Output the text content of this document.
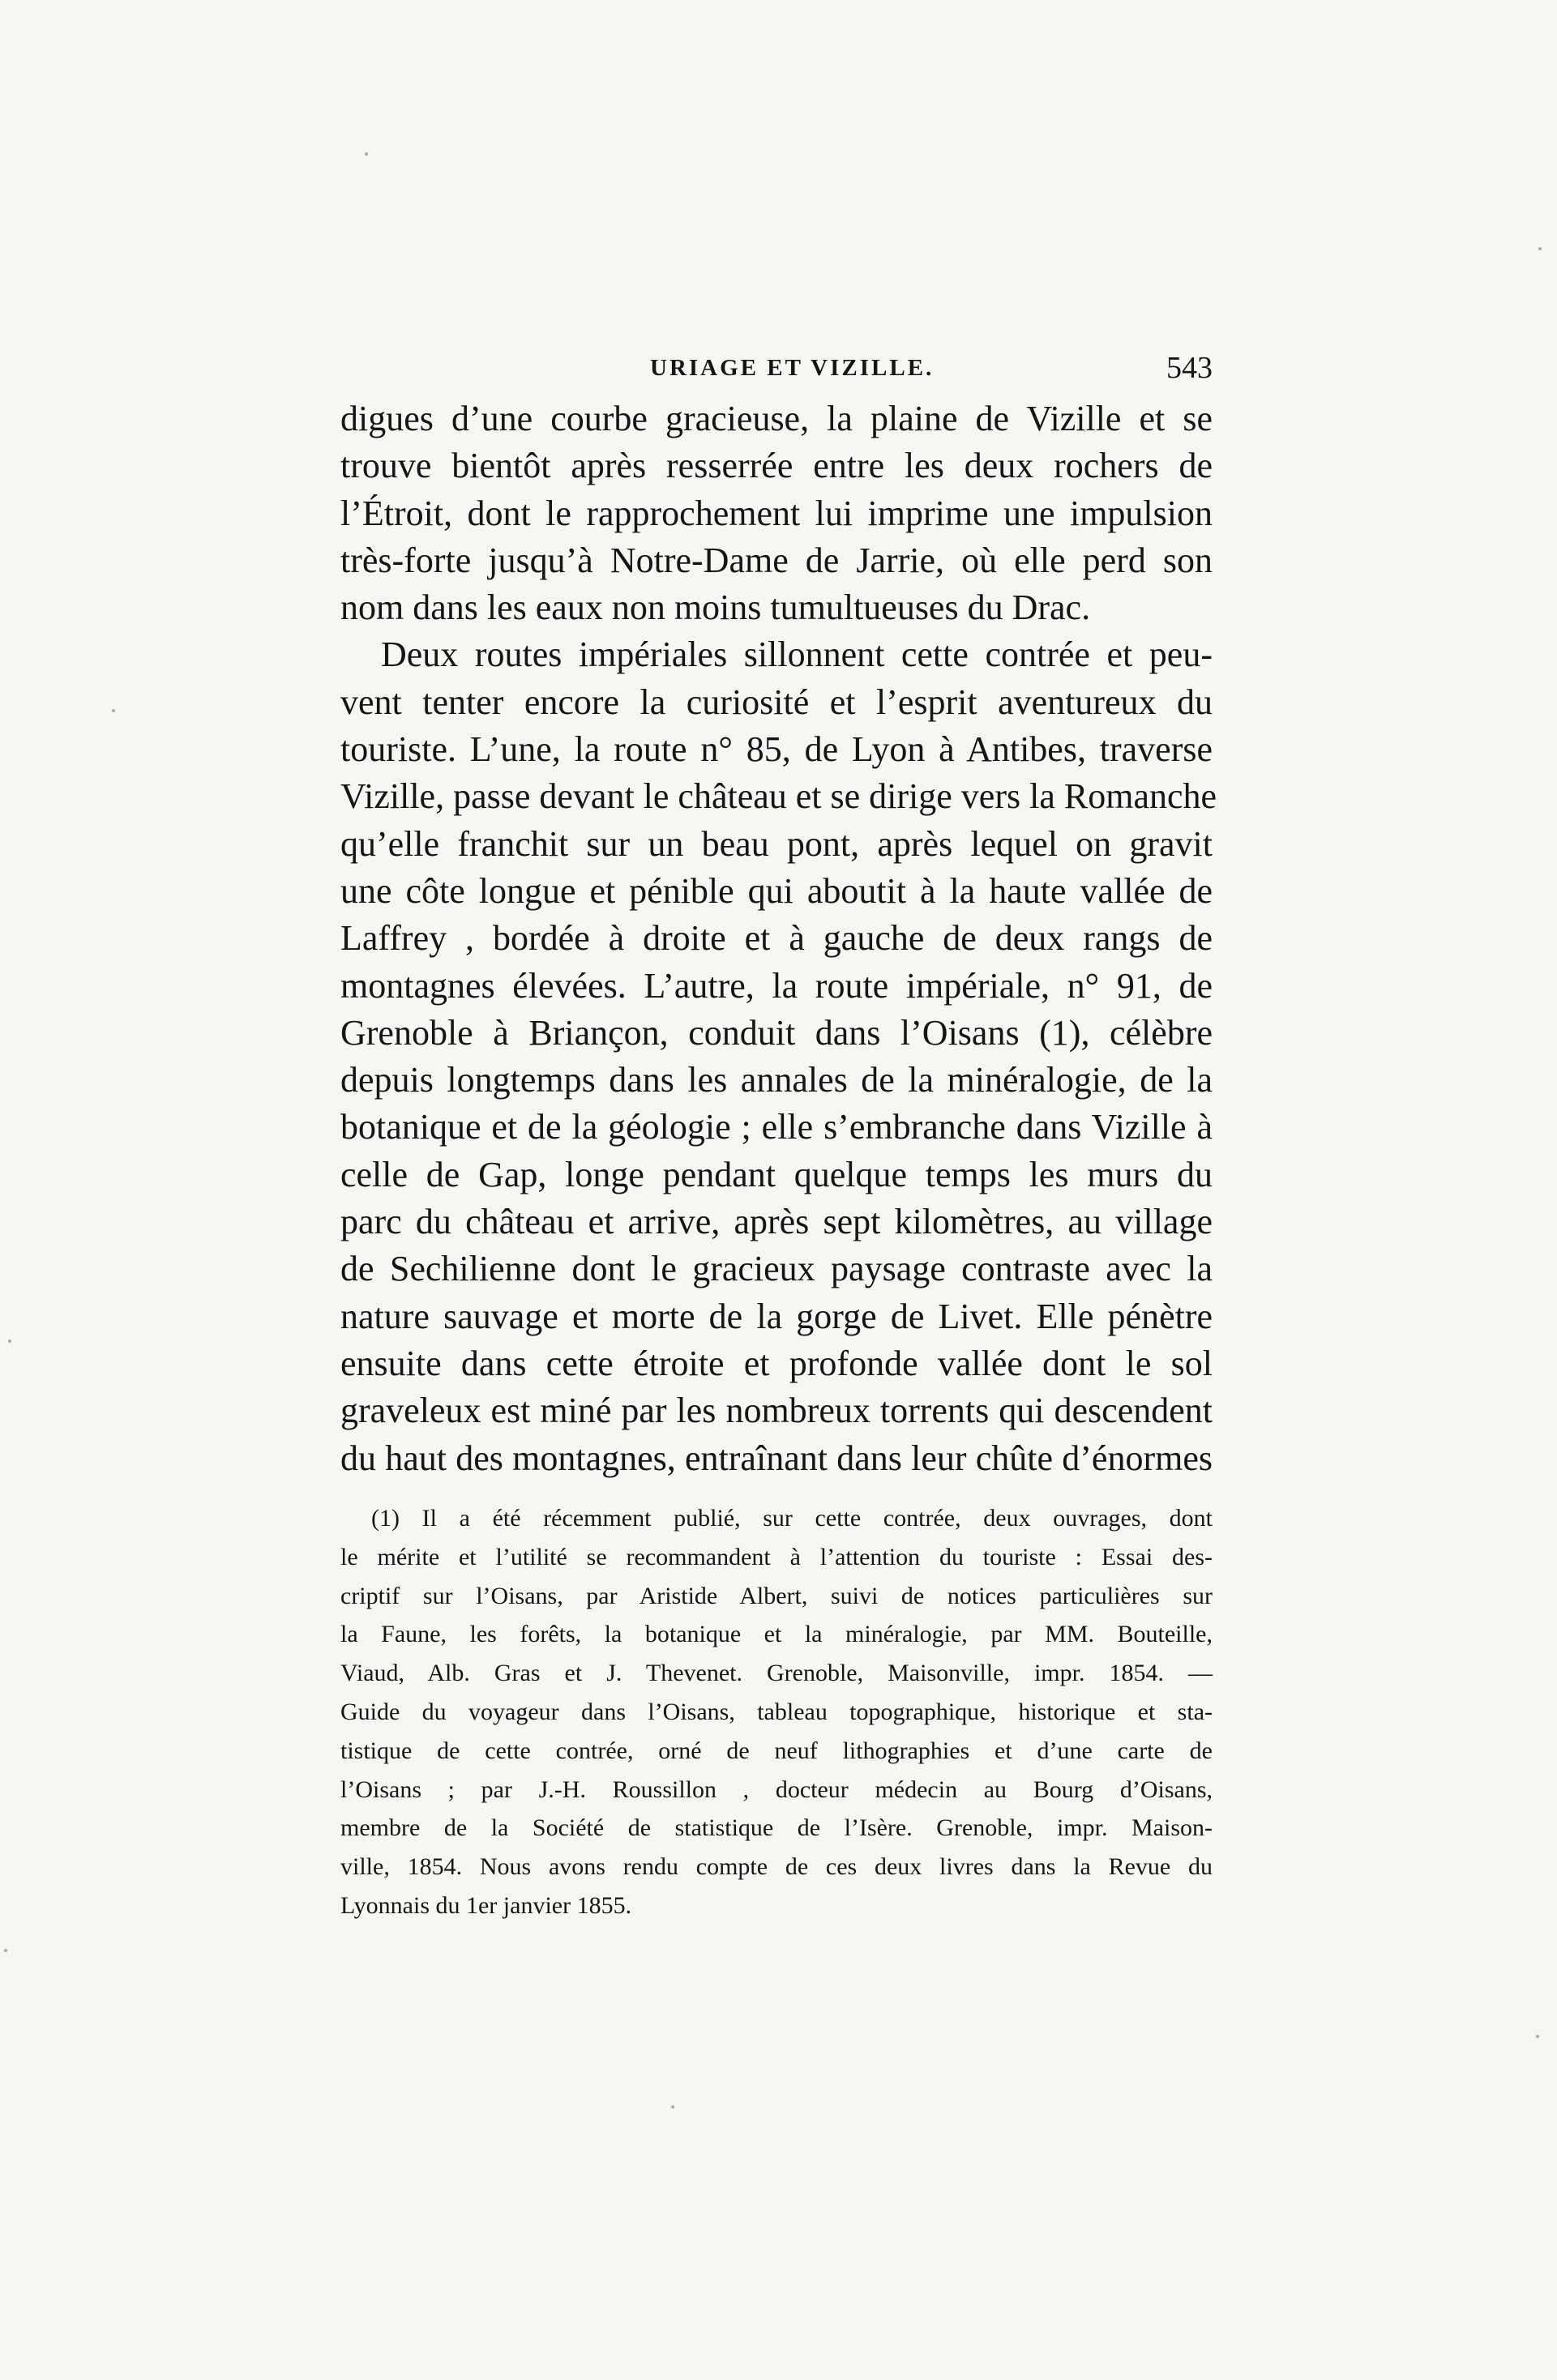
URIAGE ET VIZILLE.	543
digues d’une courbe gracieuse, la plaine de Vizille et se
trouve bientôt après resserrée entre les deux rochers de
l’Étroit, dont le rapprochement lui imprime une impulsion
très-forte jusqu’à Notre-Dame de Jarrie, où elle perd son
nom dans les eaux non moins tumultueuses du Drac.
Deux routes impériales sillonnent cette contrée et peu-
vent tenter encore la curiosité et l’esprit aventureux du
touriste. L’une, la route n° 85, de Lyon à Antibes, traverse
Vizille, passe devant le château et se dirige vers la Romanche
qu’elle franchit sur un beau pont, après lequel on gravit
une côte longue et pénible qui aboutit à la haute vallée de
Laffrey , bordée à droite et à gauche de deux rangs de
montagnes élevées. L’autre, la route impériale, n° 91, de
Grenoble à Briançon, conduit dans l’Oisans (1), célèbre
depuis longtemps dans les annales de la minéralogie, de la
botanique et de la géologie ; elle s’embranche dans Vizille à
celle de Gap, longe pendant quelque temps les murs du
parc du château et arrive, après sept kilomètres, au village
de Sechilienne dont le gracieux paysage contraste avec la
nature sauvage et morte de la gorge de Livet. Elle pénètre
ensuite dans cette étroite et profonde vallée dont le sol
graveleux est miné par les nombreux torrents qui descendent
du haut des montagnes, entraînant dans leur chûte d’énormes
(1) Il a été récemment publié, sur cette contrée, deux ouvrages, dont
le mérite et l’utilité se recommandent à l’attention du touriste : Essai des-
criptif sur l’Oisans, par Aristide Albert, suivi de notices particulières sur
la Faune, les forêts, la botanique et la minéralogie, par MM. Bouteille,
Viaud, Alb. Gras et J. Thevenet. Grenoble, Maisonville, impr. 1854. —
Guide du voyageur dans l’Oisans, tableau topographique, historique et sta-
tistique de cette contrée, orné de neuf lithographies et d’une carte de
l’Oisans ; par J.-H. Roussillon , docteur médecin au Bourg d’Oisans,
membre de la Société de statistique de l’Isère. Grenoble, impr. Maison-
ville, 1854. Nous avons rendu compte de ces deux livres dans la Revue du
Lyonnais du 1er janvier 1855.
